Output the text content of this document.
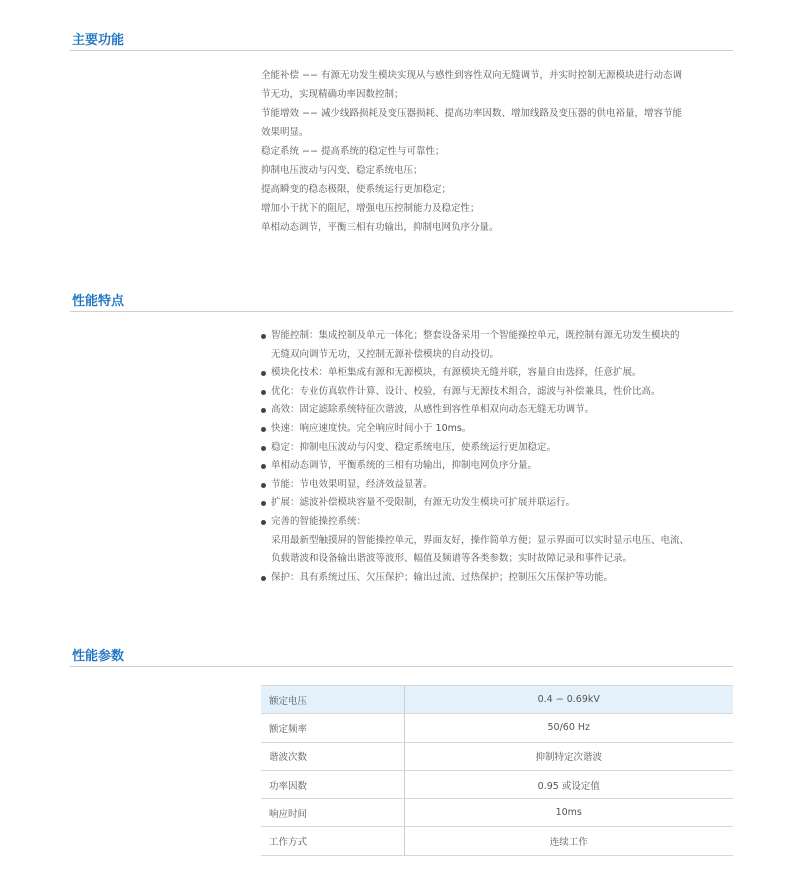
主要功能

全能补偿 −− 有源无功发生模块实现从与感性到容性双向无缝调节，并实时控制无源模块进行动态调

节无功，实现精确功率因数控制；

节能增效 −− 减少线路损耗及变压器损耗、提高功率因数、增加线路及变压器的供电裕量，增容节能

效果明显。

稳定系统 −− 提高系统的稳定性与可靠性；

抑制电压波动与闪变、稳定系统电压；

提高瞬变的稳态极限，使系统运行更加稳定；

增加小干扰下的阻尼，增强电压控制能力及稳定性；

单相动态调节，平衡三相有功输出，抑制电网负序分量。

性能特点
智能控制：集成控制及单元一体化；整套设备采用一个智能操控单元，既控制有源无功发生模块的
无缝双向调节无功，又控制无源补偿模块的自动投切。
模块化技术：单柜集成有源和无源模块，有源模块无缝并联，容量自由选择，任意扩展。
优化：专业仿真软件计算、设计、校验，有源与无源技术组合，滤波与补偿兼具，性价比高。
高效：固定滤除系统特征次谐波，从感性到容性单相双向动态无缝无功调节。
快速：响应速度快。完全响应时间小于 10ms。
稳定：抑制电压波动与闪变、稳定系统电压，使系统运行更加稳定。
单相动态调节，平衡系统的三相有功输出，抑制电网负序分量。
节能：节电效果明显，经济效益显著。
扩展：滤波补偿模块容量不受限制，有源无功发生模块可扩展并联运行。
完善的智能操控系统：
采用最新型触摸屏的智能操控单元，界面友好，操作简单方便；显示界面可以实时显示电压、电流、
负载谐波和设备输出谐波等波形、幅值及频谱等各类参数；实时故障记录和事件记录。
保护：具有系统过压、欠压保护；输出过流、过热保护；控制压欠压保护等功能。
性能参数
额定电压	0.4 − 0.69kV
额定频率	50/60 Hz
谐波次数	抑制特定次谐波
功率因数	0.95 或设定值
响应时间	10ms
工作方式	连续工作
